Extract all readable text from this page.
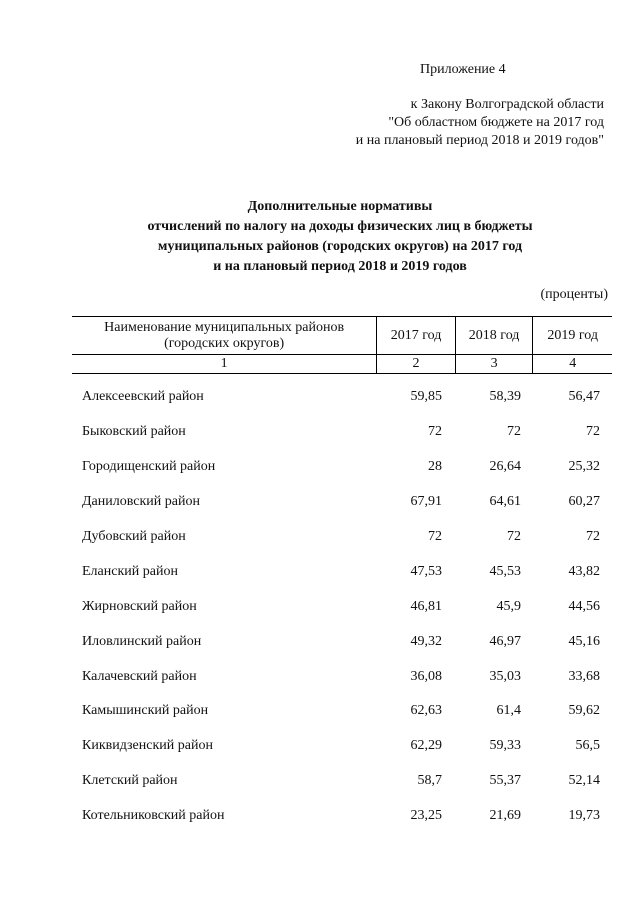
Приложение 4
к Закону Волгоградской области
"Об областном бюджете на 2017 год
и на плановый период 2018 и 2019 годов"
Дополнительные нормативы
отчислений по налогу на доходы физических лиц в бюджеты
муниципальных районов (городских округов) на 2017 год
и на плановый период 2018 и 2019 годов
(проценты)
Наименование муниципальных районов (городских округов)	2017 год	2018 год	2019 год
1	2	3	4
Алексеевский район	59,85	58,39	56,47
Быковский район	72	72	72
Городищенский район	28	26,64	25,32
Даниловский район	67,91	64,61	60,27
Дубовский район	72	72	72
Еланский район	47,53	45,53	43,82
Жирновский район	46,81	45,9	44,56
Иловлинский район	49,32	46,97	45,16
Калачевский район	36,08	35,03	33,68
Камышинский район	62,63	61,4	59,62
Киквидзенский район	62,29	59,33	56,5
Клетский район	58,7	55,37	52,14
Котельниковский район	23,25	21,69	19,73
